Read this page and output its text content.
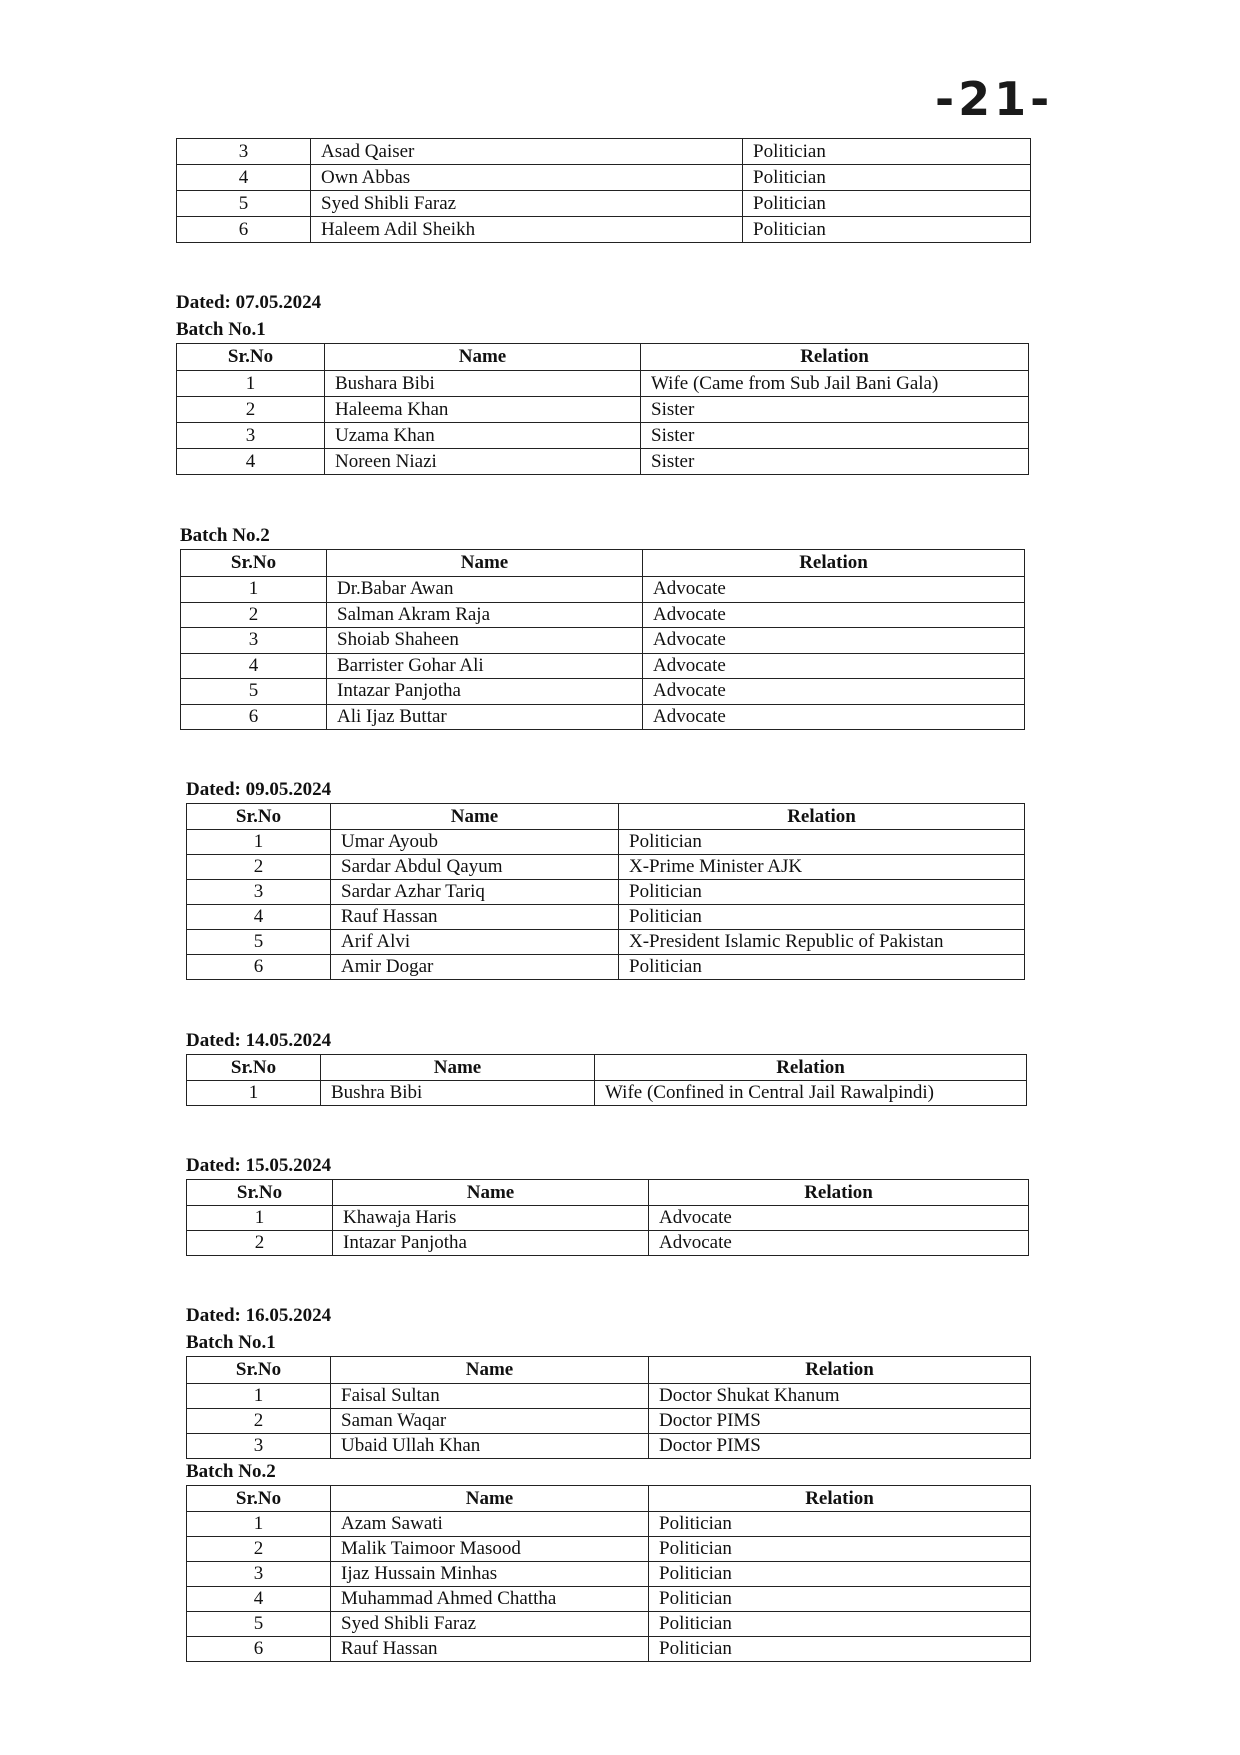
-21-
3	Asad Qaiser	Politician
4	Own Abbas	Politician
5	Syed Shibli Faraz	Politician
6	Haleem Adil Sheikh	Politician
Dated: 07.05.2024
Batch No.1
Sr.No	Name	Relation
1	Bushara Bibi	Wife (Came from Sub Jail Bani Gala)
2	Haleema Khan	Sister
3	Uzama Khan	Sister
4	Noreen Niazi	Sister
Batch No.2
Sr.No	Name	Relation
1	Dr.Babar Awan	Advocate
2	Salman Akram Raja	Advocate
3	Shoiab Shaheen	Advocate
4	Barrister Gohar Ali	Advocate
5	Intazar Panjotha	Advocate
6	Ali Ijaz Buttar	Advocate
Dated: 09.05.2024
Sr.No	Name	Relation
1	Umar Ayoub	Politician
2	Sardar Abdul Qayum	X-Prime Minister AJK
3	Sardar Azhar Tariq	Politician
4	Rauf Hassan	Politician
5	Arif Alvi	X-President Islamic Republic of Pakistan
6	Amir Dogar	Politician
Dated: 14.05.2024
Sr.No	Name	Relation
1	Bushra Bibi	Wife (Confined in Central Jail Rawalpindi)
Dated: 15.05.2024
Sr.No	Name	Relation
1	Khawaja Haris	Advocate
2	Intazar Panjotha	Advocate
Dated: 16.05.2024
Batch No.1
Sr.No	Name	Relation
1	Faisal Sultan	Doctor Shukat Khanum
2	Saman Waqar	Doctor PIMS
3	Ubaid Ullah Khan	Doctor PIMS
Batch No.2
Sr.No	Name	Relation
1	Azam Sawati	Politician
2	Malik Taimoor Masood	Politician
3	Ijaz Hussain Minhas	Politician
4	Muhammad Ahmed Chattha	Politician
5	Syed Shibli Faraz	Politician
6	Rauf Hassan	Politician
